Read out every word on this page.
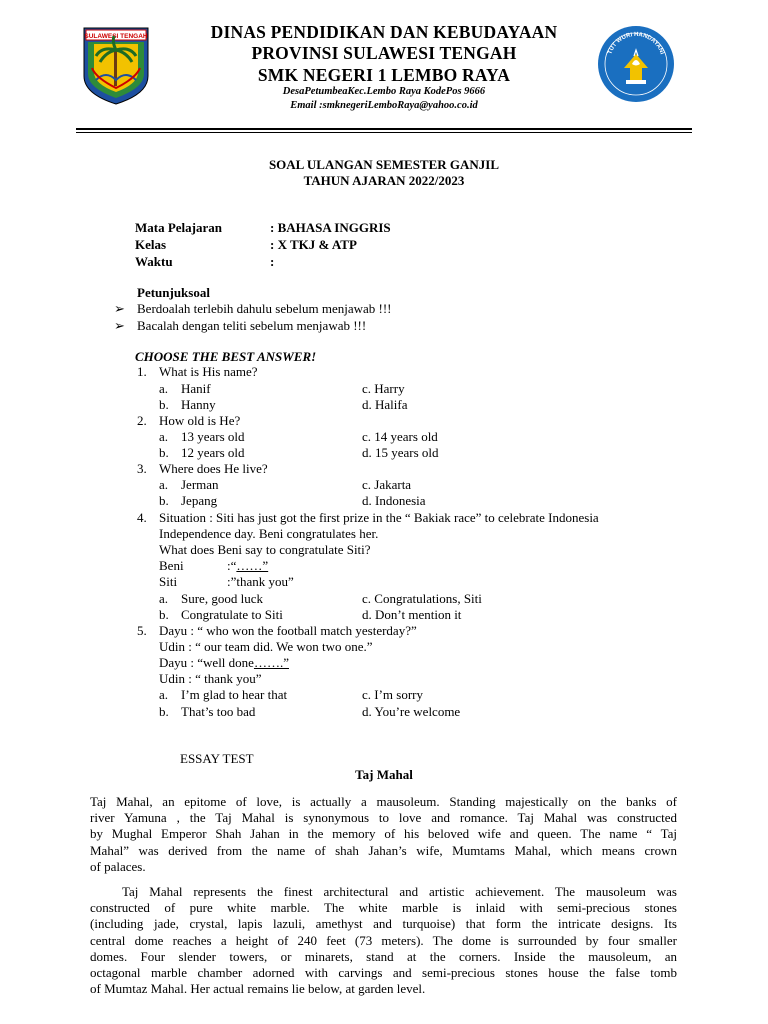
SULAWESI TENGAH
TUT WURI HANDAYANI
DINAS PENDIDIKAN DAN KEBUDAYAAN
PROVINSI SULAWESI TENGAH
SMK NEGERI 1 LEMBO RAYA
DesaPetumbeaKec.Lembo Raya KodePos 9666
Email :smknegeriLemboRaya@yahoo.co.id
SOAL ULANGAN SEMESTER GANJIL
TAHUN AJARAN 2022/2023
Mata Pelajaran	: BAHASA INGGRIS
Kelas	: X TKJ & ATP
Waktu	:
Petunjuksoal
➢ Berdoalah terlebih dahulu sebelum menjawab !!!
➢ Bacalah dengan teliti sebelum menjawab !!!
CHOOSE THE BEST ANSWER!
1. What is His name?
a. Hanif	c. Harry
b. Hanny	d. Halifa
2. How old is He?
a. 13 years old	c. 14 years old
b. 12 years old	d. 15 years old
3. Where does He live?
a. Jerman	c. Jakarta
b. Jepang	d. Indonesia
4. Situation : Siti has just got the first prize in the “ Bakiak race” to celebrate Indonesia
Independence day. Beni congratulates her.
What does Beni say to congratulate Siti?
Beni	:“……”
Siti	:”thank you”
a. Sure, good luck	c. Congratulations, Siti
b. Congratulate to Siti	d. Don’t mention it
5. Dayu : “ who won the football match yesterday?”
Udin : “ our team did. We won two one.”
Dayu : “well done…….”
Udin : “ thank you”
a. I’m glad to hear that	c. I’m sorry
b. That’s too bad	d. You’re welcome
ESSAY TEST
Taj Mahal
Taj Mahal, an epitome of love, is actually a mausoleum. Standing majestically on the banks of
river Yamuna , the Taj Mahal is synonymous to love and romance. Taj Mahal was constructed
by Mughal Emperor Shah Jahan in the memory of his beloved wife and queen. The name “ Taj
Mahal” was derived from the name of shah Jahan’s wife, Mumtams Mahal, which means crown
of palaces.
Taj Mahal represents the finest architectural and artistic achievement. The mausoleum was
constructed of pure white marble. The white marble is inlaid with semi-precious stones
(including jade, crystal, lapis lazuli, amethyst and turquoise) that form the intricate designs. Its
central dome reaches a height of 240 feet (73 meters). The dome is surrounded by four smaller
domes. Four slender towers, or minarets, stand at the corners. Inside the mausoleum, an
octagonal marble chamber adorned with carvings and semi-precious stones house the false tomb
of Mumtaz Mahal. Her actual remains lie below, at garden level.
